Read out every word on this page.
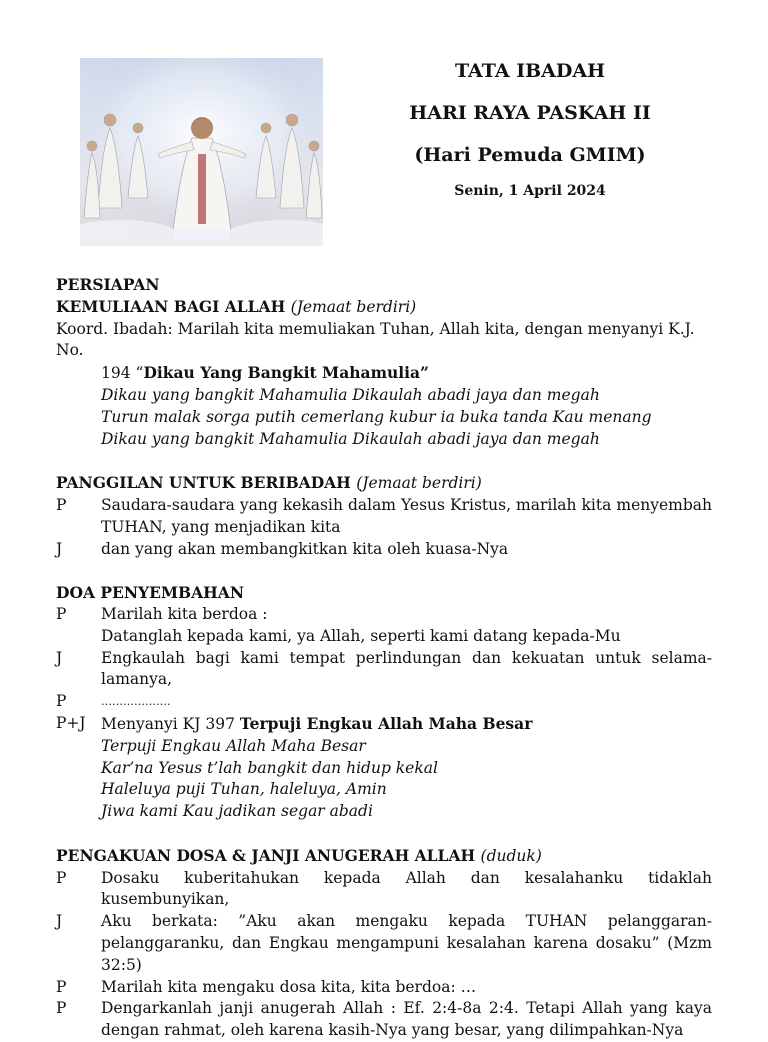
TATA IBADAH
HARI RAYA PASKAH II
(Hari Pemuda GMIM)
Senin, 1 April 2024
PERSIAPAN
KEMULIAAN BAGI ALLAH (Jemaat berdiri)
Koord. Ibadah: Marilah kita memuliakan Tuhan, Allah kita, dengan menyanyi K.J. No.
194 “Dikau Yang Bangkit Mahamulia”
Dikau yang bangkit Mahamulia Dikaulah abadi jaya dan megah
Turun malak sorga putih cemerlang kubur ia buka tanda Kau menang
Dikau yang bangkit Mahamulia Dikaulah abadi jaya dan megah
PANGGILAN UNTUK BERIBADAH (Jemaat berdiri)
P	Saudara-saudara yang kekasih dalam Yesus Kristus, marilah kita menyembah TUHAN, yang menjadikan kita
J	dan yang akan membangkitkan kita oleh kuasa-Nya
DOA PENYEMBAHAN
P	Marilah kita berdoa :
Datanglah kepada kami, ya Allah, seperti kami datang kepada-Mu
J	Engkaulah bagi kami tempat perlindungan dan kekuatan untuk selama-lamanya,
P	……………….
P+J Menyanyi KJ 397 Terpuji Engkau Allah Maha Besar
Terpuji Engkau Allah Maha Besar
Kar’na Yesus t’lah bangkit dan hidup kekal
Haleluya puji Tuhan, haleluya, Amin
Jiwa kami Kau jadikan segar abadi
PENGAKUAN DOSA & JANJI ANUGERAH ALLAH (duduk)
P	Dosaku kuberitahukan kepada Allah dan kesalahanku tidaklah kusembunyikan,
J	Aku berkata: ”Aku akan mengaku kepada TUHAN pelanggaran-pelanggaranku, dan Engkau mengampuni kesalahan karena dosaku” (Mzm 32:5)
P	Marilah kita mengaku dosa kita, kita berdoa: …
P	Dengarkanlah janji anugerah Allah : Ef. 2:4-8a 2:4. Tetapi Allah yang kaya dengan rahmat, oleh karena kasih-Nya yang besar, yang dilimpahkan-Nya
